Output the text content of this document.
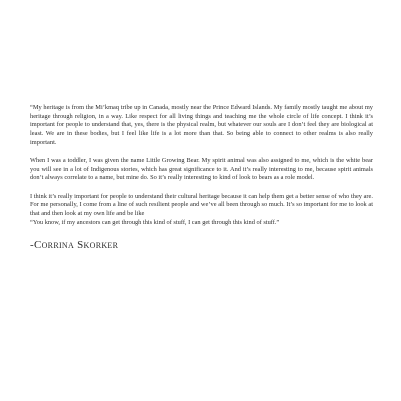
“My heritage is from the Mi’kmaq tribe up in Canada, mostly near the Prince Edward Islands. My family mostly taught me about my heritage through religion, in a way. Like respect for all living things and teaching me the whole circle of life concept. I think it’s important for people to understand that, yes, there is the physical realm, but whatever our souls are I don’t feel they are biological at least. We are in these bodies, but I feel like life is a lot more than that. So being able to connect to other realms is also really important.

When I was a toddler, I was given the name Little Growing Bear. My spirit animal was also assigned to me, which is the white bear you will see in a lot of Indigenous stories, which has great significance to it. And it’s really interesting to me, because spirit animals don’t always correlate to a name, but mine do. So it’s really interesting to kind of look to bears as a role model.

I think it’s really important for people to understand their cultural heritage because it can help them get a better sense of who they are. For me personally, I come from a line of such resilient people and we’ve all been through so much. It’s so important for me to look at that and then look at my own life and be like

“You know, if my ancestors can get through this kind of stuff, I can get through this kind of stuff.”

-Corrina Skorker
